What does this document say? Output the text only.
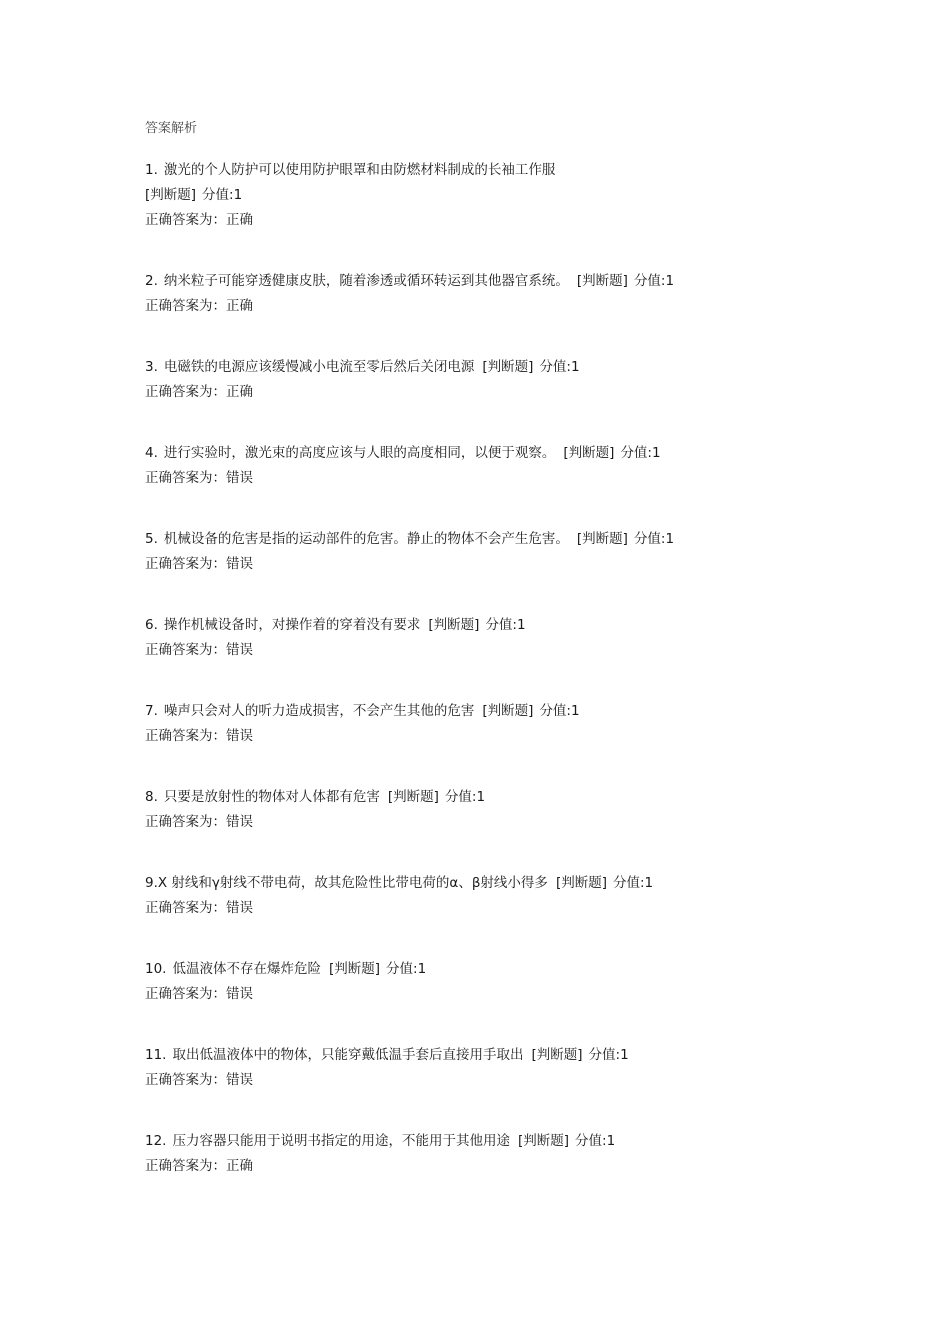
答案解析
1. 激光的个人防护可以使用防护眼罩和由防燃材料制成的长袖工作服
[判断题] 分值:1
正确答案为：正确
2. 纳米粒子可能穿透健康皮肤，随着渗透或循环转运到其他器官系统。 [判断题] 分值:1
正确答案为：正确
3. 电磁铁的电源应该缓慢减小电流至零后然后关闭电源 [判断题] 分值:1
正确答案为：正确
4. 进行实验时，激光束的高度应该与人眼的高度相同，以便于观察。 [判断题] 分值:1
正确答案为：错误
5. 机械设备的危害是指的运动部件的危害。静止的物体不会产生危害。 [判断题] 分值:1
正确答案为：错误
6. 操作机械设备时，对操作着的穿着没有要求 [判断题] 分值:1
正确答案为：错误
7. 噪声只会对人的听力造成损害，不会产生其他的危害 [判断题] 分值:1
正确答案为：错误
8. 只要是放射性的物体对人体都有危害 [判断题] 分值:1
正确答案为：错误
9.X 射线和γ射线不带电荷，故其危险性比带电荷的α、β射线小得多 [判断题] 分值:1
正确答案为：错误
10. 低温液体不存在爆炸危险 [判断题] 分值:1
正确答案为：错误
11. 取出低温液体中的物体，只能穿戴低温手套后直接用手取出 [判断题] 分值:1
正确答案为：错误
12. 压力容器只能用于说明书指定的用途，不能用于其他用途 [判断题] 分值:1
正确答案为：正确
